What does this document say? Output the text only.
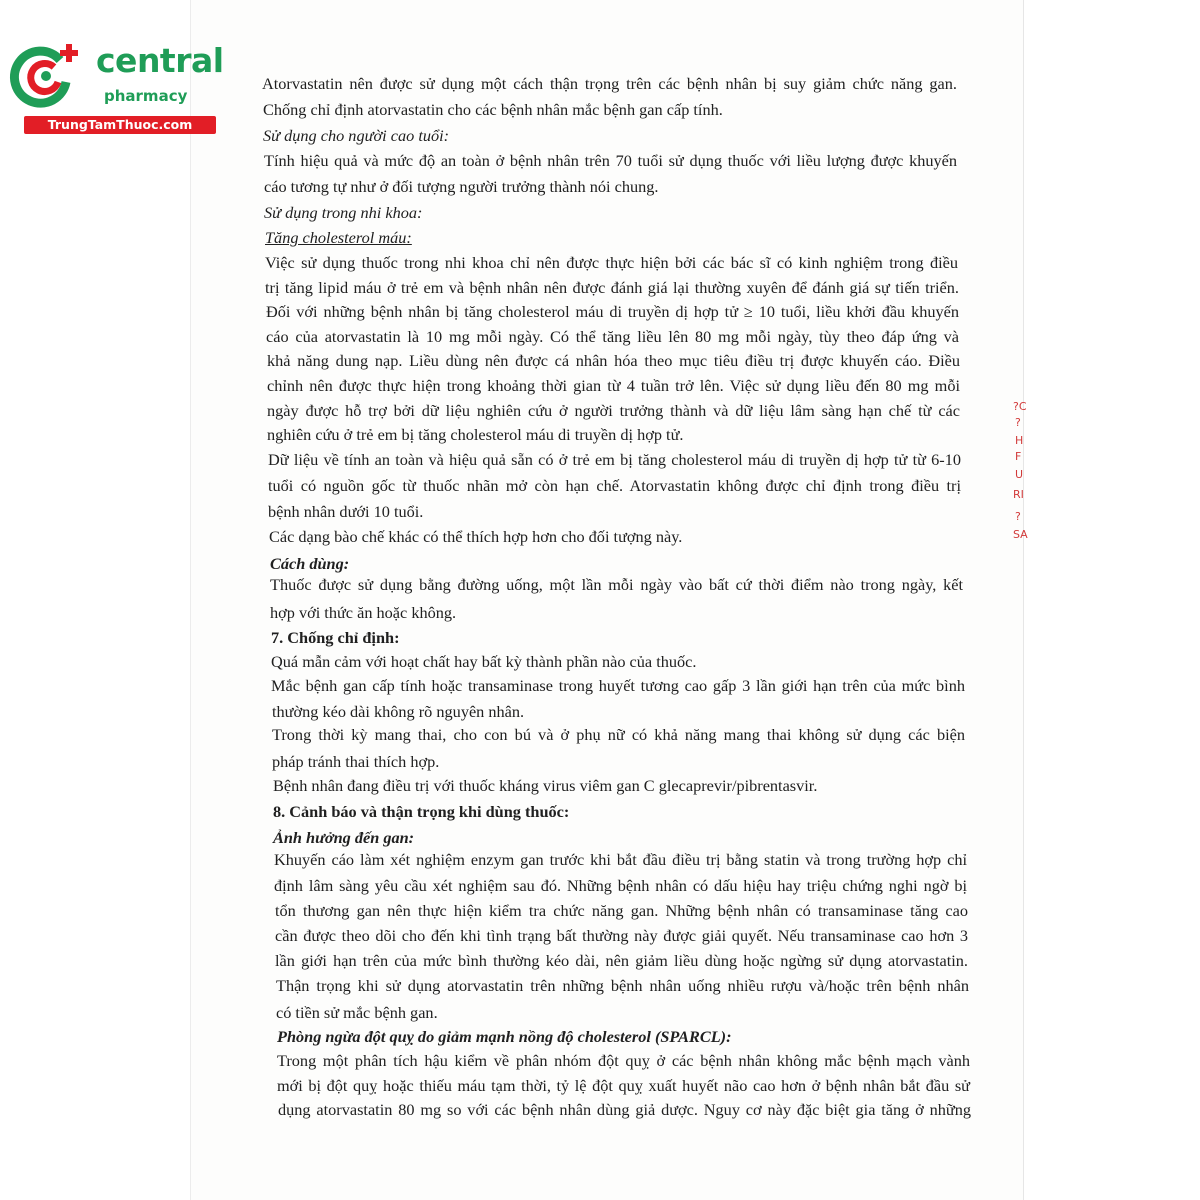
central
pharmacy
TrungTamThuoc.com
?C
?
H
F
U
RI
?
SA
Atorvastatin nên được sử dụng một cách thận trọng trên các bệnh nhân bị suy giảm chức năng gan.
Chống chỉ định atorvastatin cho các bệnh nhân mắc bệnh gan cấp tính.
Sử dụng cho người cao tuổi:
Tính hiệu quả và mức độ an toàn ở bệnh nhân trên 70 tuổi sử dụng thuốc với liều lượng được khuyến
cáo tương tự như ở đối tượng người trưởng thành nói chung.
Sử dụng trong nhi khoa:
Tăng cholesterol máu:
Việc sử dụng thuốc trong nhi khoa chỉ nên được thực hiện bởi các bác sĩ có kinh nghiệm trong điều
trị tăng lipid máu ở trẻ em và bệnh nhân nên được đánh giá lại thường xuyên để đánh giá sự tiến triển.
Đối với những bệnh nhân bị tăng cholesterol máu di truyền dị hợp tử ≥ 10 tuổi, liều khởi đầu khuyến
cáo của atorvastatin là 10 mg mỗi ngày. Có thể tăng liều lên 80 mg mỗi ngày, tùy theo đáp ứng và
khả năng dung nạp. Liều dùng nên được cá nhân hóa theo mục tiêu điều trị được khuyến cáo. Điều
chỉnh nên được thực hiện trong khoảng thời gian từ 4 tuần trở lên. Việc sử dụng liều đến 80 mg mỗi
ngày được hỗ trợ bởi dữ liệu nghiên cứu ở người trưởng thành và dữ liệu lâm sàng hạn chế từ các
nghiên cứu ở trẻ em bị tăng cholesterol máu di truyền dị hợp tử.
Dữ liệu về tính an toàn và hiệu quả sẵn có ở trẻ em bị tăng cholesterol máu di truyền dị hợp tử từ 6-10
tuổi có nguồn gốc từ thuốc nhãn mở còn hạn chế. Atorvastatin không được chỉ định trong điều trị
bệnh nhân dưới 10 tuổi.
Các dạng bào chế khác có thể thích hợp hơn cho đối tượng này.
Cách dùng:
Thuốc được sử dụng bằng đường uống, một lần mỗi ngày vào bất cứ thời điểm nào trong ngày, kết
hợp với thức ăn hoặc không.
7. Chống chỉ định:
Quá mẫn cảm với hoạt chất hay bất kỳ thành phần nào của thuốc.
Mắc bệnh gan cấp tính hoặc transaminase trong huyết tương cao gấp 3 lần giới hạn trên của mức bình
thường kéo dài không rõ nguyên nhân.
Trong thời kỳ mang thai, cho con bú và ở phụ nữ có khả năng mang thai không sử dụng các biện
pháp tránh thai thích hợp.
Bệnh nhân đang điều trị với thuốc kháng virus viêm gan C glecaprevir/pibrentasvir.
8. Cảnh báo và thận trọng khi dùng thuốc:
Ảnh hưởng đến gan:
Khuyến cáo làm xét nghiệm enzym gan trước khi bắt đầu điều trị bằng statin và trong trường hợp chỉ
định lâm sàng yêu cầu xét nghiệm sau đó. Những bệnh nhân có dấu hiệu hay triệu chứng nghi ngờ bị
tổn thương gan nên thực hiện kiểm tra chức năng gan. Những bệnh nhân có transaminase tăng cao
cần được theo dõi cho đến khi tình trạng bất thường này được giải quyết. Nếu transaminase cao hơn 3
lần giới hạn trên của mức bình thường kéo dài, nên giảm liều dùng hoặc ngừng sử dụng atorvastatin.
Thận trọng khi sử dụng atorvastatin trên những bệnh nhân uống nhiều rượu và/hoặc trên bệnh nhân
có tiền sử mắc bệnh gan.
Phòng ngừa đột quỵ do giảm mạnh nồng độ cholesterol (SPARCL):
Trong một phân tích hậu kiểm về phân nhóm đột quỵ ở các bệnh nhân không mắc bệnh mạch vành
mới bị đột quỵ hoặc thiếu máu tạm thời, tỷ lệ đột quỵ xuất huyết não cao hơn ở bệnh nhân bắt đầu sử
dụng atorvastatin 80 mg so với các bệnh nhân dùng giả dược. Nguy cơ này đặc biệt gia tăng ở những
